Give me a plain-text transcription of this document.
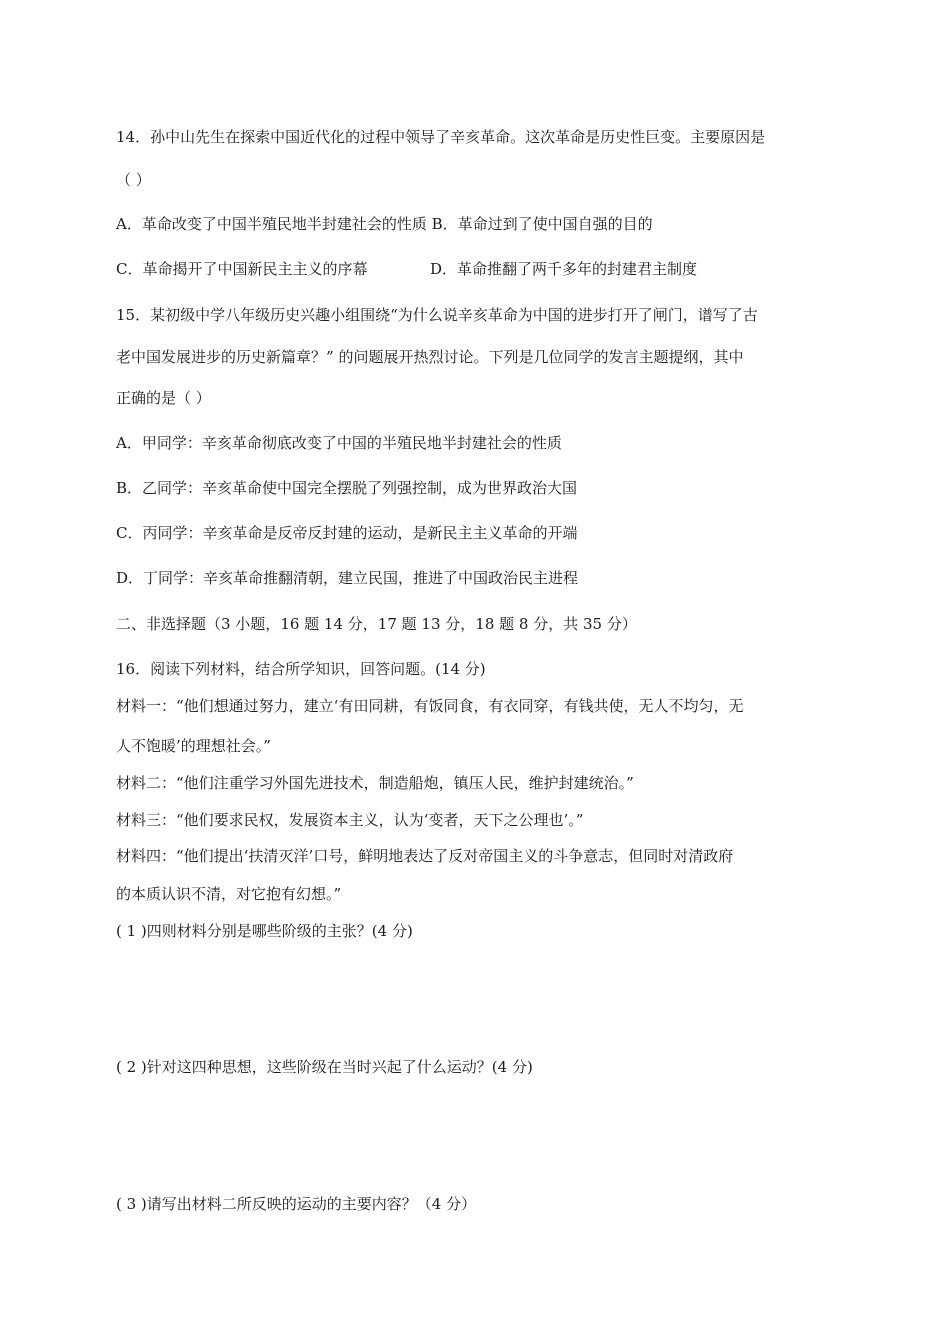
14．孙中山先生在探索中国近代化的过程中领导了辛亥革命。这次革命是历史性巨变。主要原因是
（ ）
A．革命改变了中国半殖民地半封建社会的性质 B．革命过到了使中国自强的目的
C．革命揭开了中国新民主主义的序幕	D．革命推翻了两千多年的封建君主制度
15．某初级中学八年级历史兴趣小组围绕“为什么说辛亥革命为中国的进步打开了闸门，谱写了古
老中国发展进步的历史新篇章？” 的问题展开热烈讨论。下列是几位同学的发言主题提纲，其中
正确的是（ ）
A．甲同学：辛亥革命彻底改变了中国的半殖民地半封建社会的性质
B．乙同学：辛亥革命使中国完全摆脱了列强控制，成为世界政治大国
C．丙同学：辛亥革命是反帝反封建的运动，是新民主主义革命的开端
D．丁同学：辛亥革命推翻清朝，建立民国，推进了中国政治民主进程
二、非选择题（3 小题，16 题 14 分，17 题 13 分，18 题 8 分，共 35 分）
16．阅读下列材料，结合所学知识，回答问题。(14 分)
材料一：“他们想通过努力，建立‘有田同耕，有饭同食，有衣同穿，有钱共使，无人不均匀，无
人不饱暖’的理想社会。”
材料二：“他们注重学习外国先进技术，制造船炮，镇压人民，维护封建统治。”
材料三：“他们要求民权，发展资本主义，认为‘变者，天下之公理也’。”
材料四：“他们提出‘扶清灭洋’口号，鲜明地表达了反对帝国主义的斗争意志，但同时对清政府
的本质认识不清，对它抱有幻想。”
( 1 )四则材料分别是哪些阶级的主张？(4 分)
( 2 )针对这四种思想，这些阶级在当时兴起了什么运动？(4 分)
( 3 )请写出材料二所反映的运动的主要内容？（4 分）
